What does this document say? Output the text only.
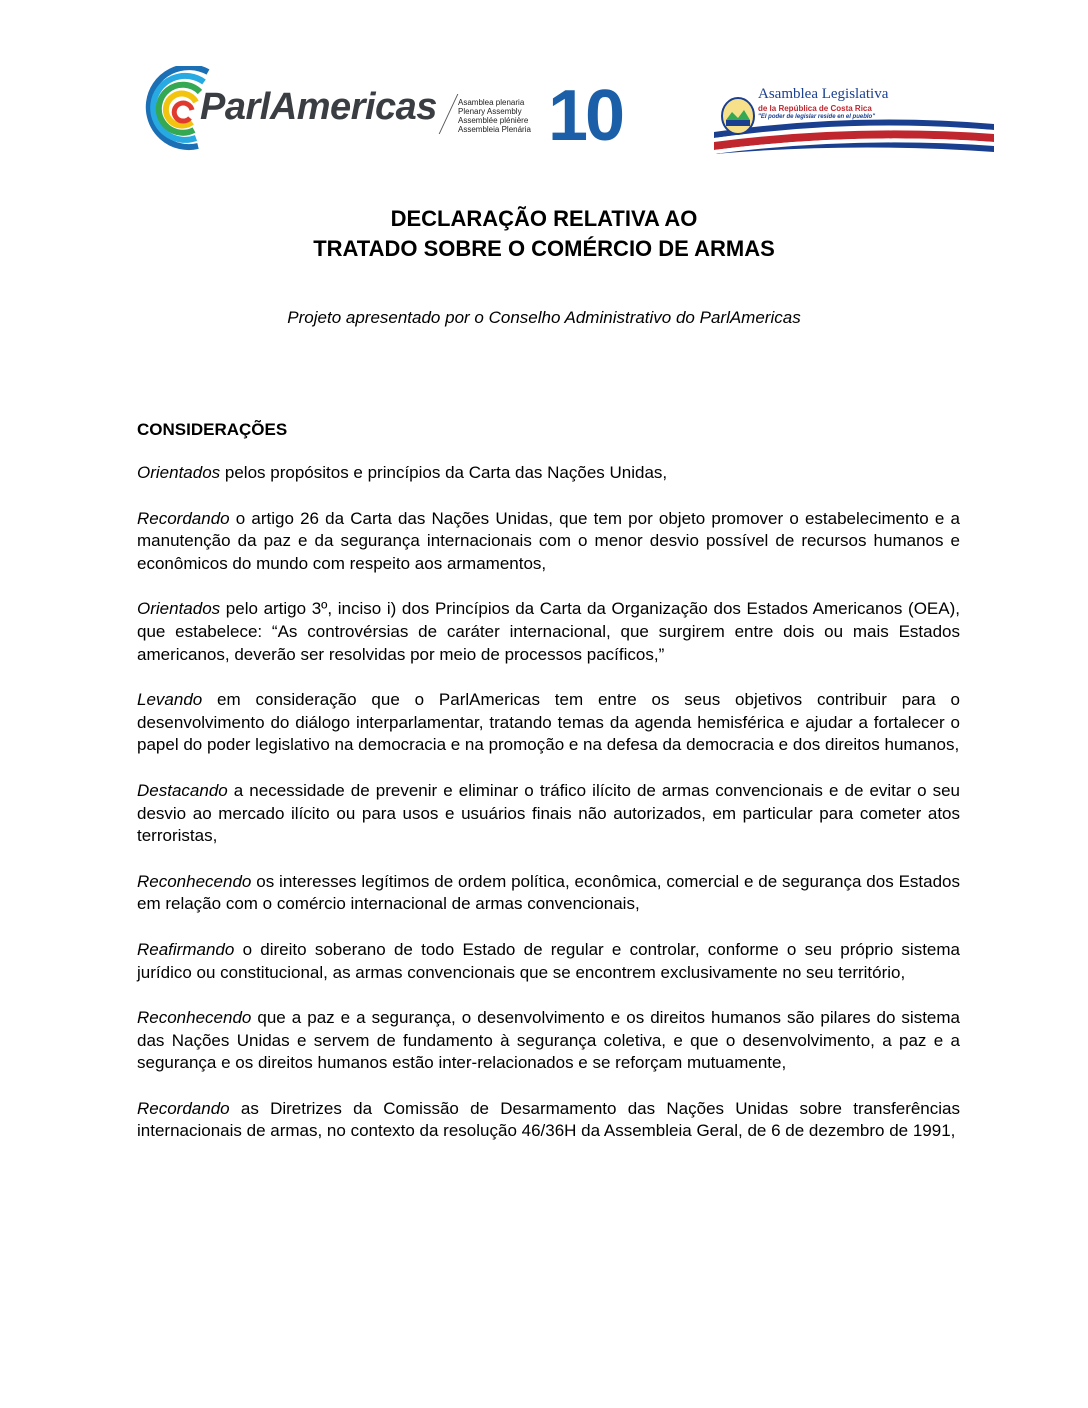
ParlAmericas	Asamblea plenaria
Plenary Assembly
Assemblée plénière
Assembleia Plenária 10	Asamblea Legislativa
de la República de Costa Rica
"El poder de legislar reside en el pueblo"
DECLARAÇÃO RELATIVA AO
TRATADO SOBRE O COMÉRCIO DE ARMAS
Projeto apresentado por o Conselho Administrativo do ParlAmericas
CONSIDERAÇÕES

Orientados pelos propósitos e princípios da Carta das Nações Unidas,

Recordando o artigo 26 da Carta das Nações Unidas, que tem por objeto promover o estabelecimento e a manutenção da paz e da segurança internacionais com o menor desvio possível de recursos humanos e econômicos do mundo com respeito aos armamentos,

Orientados pelo artigo 3º, inciso i) dos Princípios da Carta da Organização dos Estados Americanos (OEA), que estabelece: “As controvérsias de caráter internacional, que surgirem entre dois ou mais Estados americanos, deverão ser resolvidas por meio de processos pacíficos,”

Levando em consideração que o ParlAmericas tem entre os seus objetivos contribuir para o desenvolvimento do diálogo interparlamentar, tratando temas da agenda hemisférica e ajudar a fortalecer o papel do poder legislativo na democracia e na promoção e na defesa da democracia e dos direitos humanos,

Destacando a necessidade de prevenir e eliminar o tráfico ilícito de armas convencionais e de evitar o seu desvio ao mercado ilícito ou para usos e usuários finais não autorizados, em particular para cometer atos terroristas,

Reconhecendo os interesses legítimos de ordem política, econômica, comercial e de segurança dos Estados em relação com o comércio internacional de armas convencionais,

Reafirmando o direito soberano de todo Estado de regular e controlar, conforme o seu próprio sistema jurídico ou constitucional, as armas convencionais que se encontrem exclusivamente no seu território,

Reconhecendo que a paz e a segurança, o desenvolvimento e os direitos humanos são pilares do sistema das Nações Unidas e servem de fundamento à segurança coletiva, e que o desenvolvimento, a paz e a segurança e os direitos humanos estão inter-relacionados e se reforçam mutuamente,

Recordando as Diretrizes da Comissão de Desarmamento das Nações Unidas sobre transferências internacionais de armas, no contexto da resolução 46/36H da Assembleia Geral, de 6 de dezembro de 1991,
